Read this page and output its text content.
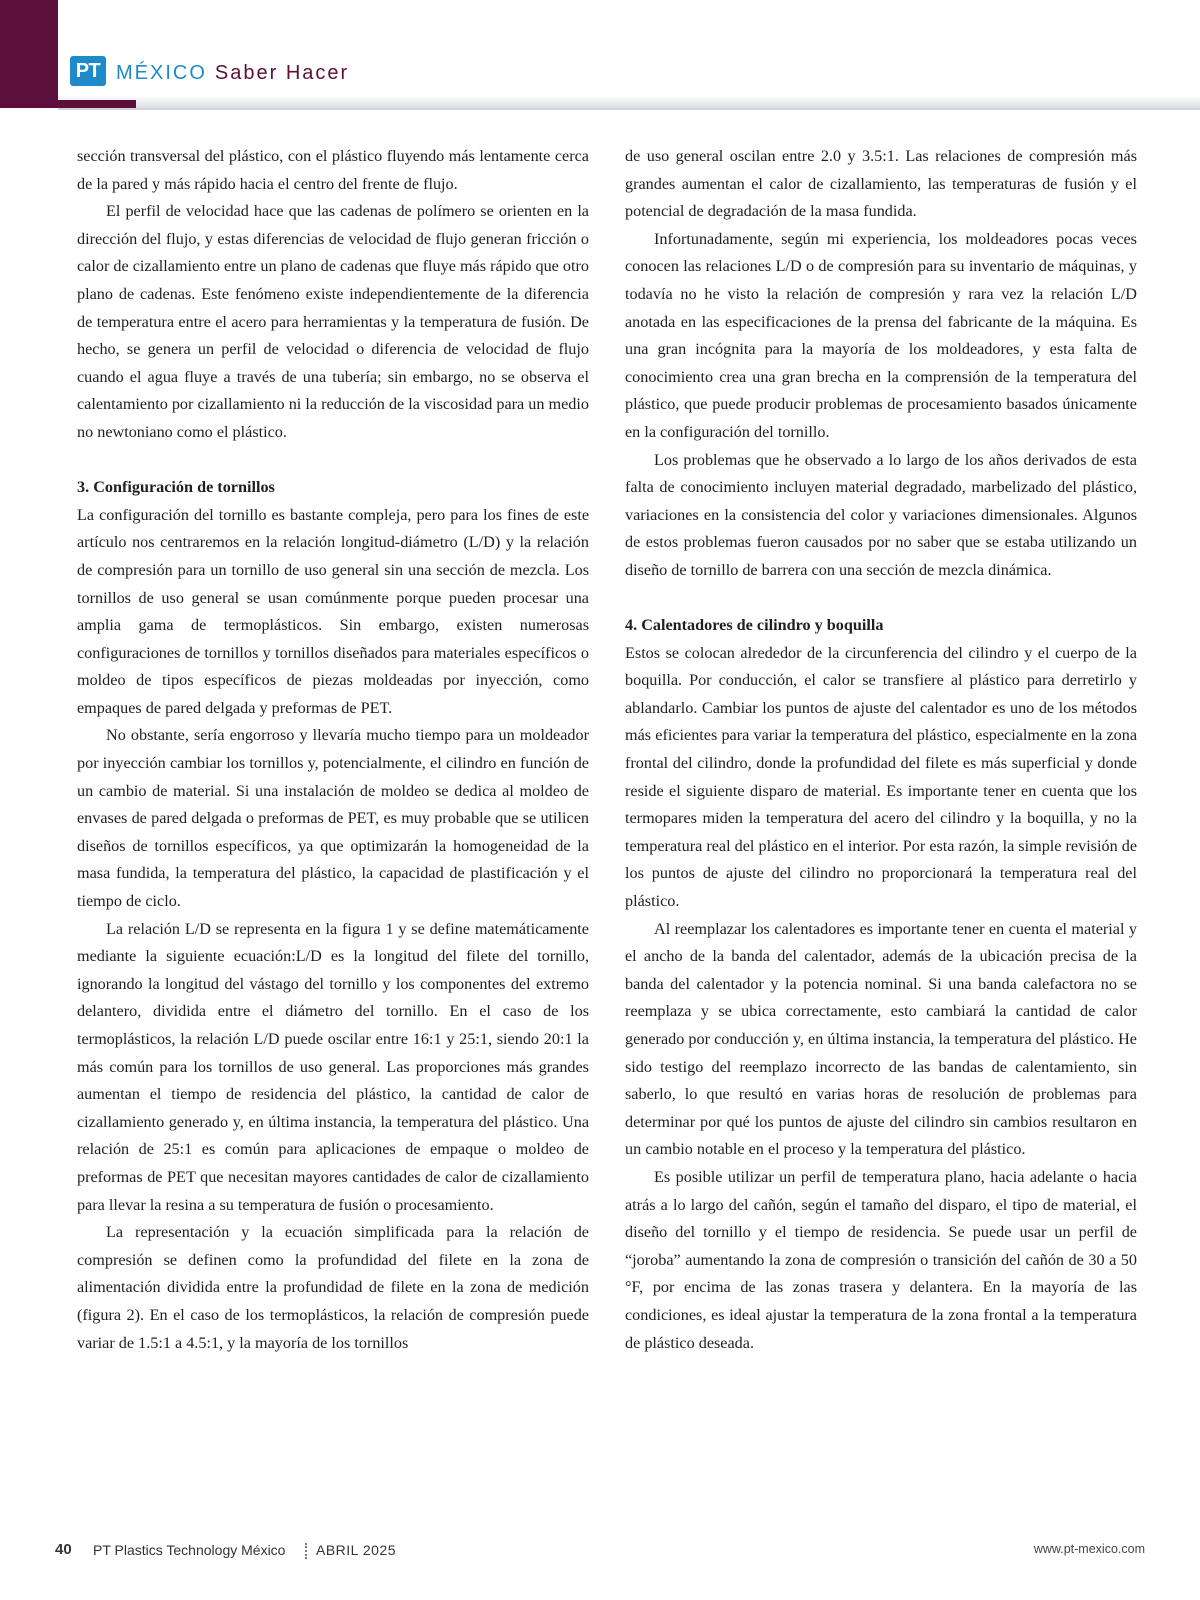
PT MÉXICO Saber Hacer

sección transversal del plástico, con el plástico fluyendo más lentamente cerca de la pared y más rápido hacia el centro del frente de flujo.

El perfil de velocidad hace que las cadenas de polímero se orienten en la dirección del flujo, y estas diferencias de velocidad de flujo generan fricción o calor de cizallamiento entre un plano de cadenas que fluye más rápido que otro plano de cadenas. Este fenómeno existe independientemente de la diferencia de temperatura entre el acero para herramientas y la temperatura de fusión. De hecho, se genera un perfil de velocidad o diferencia de velocidad de flujo cuando el agua fluye a través de una tubería; sin embargo, no se observa el calentamiento por cizallamiento ni la reducción de la viscosidad para un medio no newtoniano como el plástico.

3. Configuración de tornillos

La configuración del tornillo es bastante compleja, pero para los fines de este artículo nos centraremos en la relación longitud-diámetro (L/D) y la relación de compresión para un tornillo de uso general sin una sección de mezcla. Los tornillos de uso general se usan comúnmente porque pueden procesar una amplia gama de termoplásticos. Sin embargo, existen numerosas configuraciones de tornillos y tornillos diseñados para materiales específicos o moldeo de tipos específicos de piezas moldeadas por inyección, como empaques de pared delgada y preformas de PET.

No obstante, sería engorroso y llevaría mucho tiempo para un moldeador por inyección cambiar los tornillos y, potencialmente, el cilindro en función de un cambio de material. Si una instalación de moldeo se dedica al moldeo de envases de pared delgada o preformas de PET, es muy probable que se utilicen diseños de tornillos específicos, ya que optimizarán la homogeneidad de la masa fundida, la temperatura del plástico, la capacidad de plastificación y el tiempo de ciclo.

La relación L/D se representa en la figura 1 y se define matemáticamente mediante la siguiente ecuación:L/D es la longitud del filete del tornillo, ignorando la longitud del vástago del tornillo y los componentes del extremo delantero, dividida entre el diámetro del tornillo. En el caso de los termoplásticos, la relación L/D puede oscilar entre 16:1 y 25:1, siendo 20:1 la más común para los tornillos de uso general. Las proporciones más grandes aumentan el tiempo de residencia del plástico, la cantidad de calor de cizallamiento generado y, en última instancia, la temperatura del plástico. Una relación de 25:1 es común para aplicaciones de empaque o moldeo de preformas de PET que necesitan mayores cantidades de calor de cizallamiento para llevar la resina a su temperatura de fusión o procesamiento.

La representación y la ecuación simplificada para la relación de compresión se definen como la profundidad del filete en la zona de alimentación dividida entre la profundidad de filete en la zona de medición (figura 2). En el caso de los termoplásticos, la relación de compresión puede variar de 1.5:1 a 4.5:1, y la mayoría de los tornillos

de uso general oscilan entre 2.0 y 3.5:1. Las relaciones de compresión más grandes aumentan el calor de cizallamiento, las temperaturas de fusión y el potencial de degradación de la masa fundida.

Infortunadamente, según mi experiencia, los moldeadores pocas veces conocen las relaciones L/D o de compresión para su inventario de máquinas, y todavía no he visto la relación de compresión y rara vez la relación L/D anotada en las especificaciones de la prensa del fabricante de la máquina. Es una gran incógnita para la mayoría de los moldeadores, y esta falta de conocimiento crea una gran brecha en la comprensión de la temperatura del plástico, que puede producir problemas de procesamiento basados únicamente en la configuración del tornillo.

Los problemas que he observado a lo largo de los años derivados de esta falta de conocimiento incluyen material degradado, marbelizado del plástico, variaciones en la consistencia del color y variaciones dimensionales. Algunos de estos problemas fueron causados por no saber que se estaba utilizando un diseño de tornillo de barrera con una sección de mezcla dinámica.

4. Calentadores de cilindro y boquilla

Estos se colocan alrededor de la circunferencia del cilindro y el cuerpo de la boquilla. Por conducción, el calor se transfiere al plástico para derretirlo y ablandarlo. Cambiar los puntos de ajuste del calentador es uno de los métodos más eficientes para variar la temperatura del plástico, especialmente en la zona frontal del cilindro, donde la profundidad del filete es más superficial y donde reside el siguiente disparo de material. Es importante tener en cuenta que los termopares miden la temperatura del acero del cilindro y la boquilla, y no la temperatura real del plástico en el interior. Por esta razón, la simple revisión de los puntos de ajuste del cilindro no proporcionará la temperatura real del plástico.

Al reemplazar los calentadores es importante tener en cuenta el material y el ancho de la banda del calentador, además de la ubicación precisa de la banda del calentador y la potencia nominal. Si una banda calefactora no se reemplaza y se ubica correctamente, esto cambiará la cantidad de calor generado por conducción y, en última instancia, la temperatura del plástico. He sido testigo del reemplazo incorrecto de las bandas de calentamiento, sin saberlo, lo que resultó en varias horas de resolución de problemas para determinar por qué los puntos de ajuste del cilindro sin cambios resultaron en un cambio notable en el proceso y la temperatura del plástico.

Es posible utilizar un perfil de temperatura plano, hacia adelante o hacia atrás a lo largo del cañón, según el tamaño del disparo, el tipo de material, el diseño del tornillo y el tiempo de residencia. Se puede usar un perfil de “joroba” aumentando la zona de compresión o transición del cañón de 30 a 50 °F, por encima de las zonas trasera y delantera. En la mayoría de las condiciones, es ideal ajustar la temperatura de la zona frontal a la temperatura de plástico deseada.

40 PT Plastics Technology México ABRIL 2025	www.pt-mexico.com
